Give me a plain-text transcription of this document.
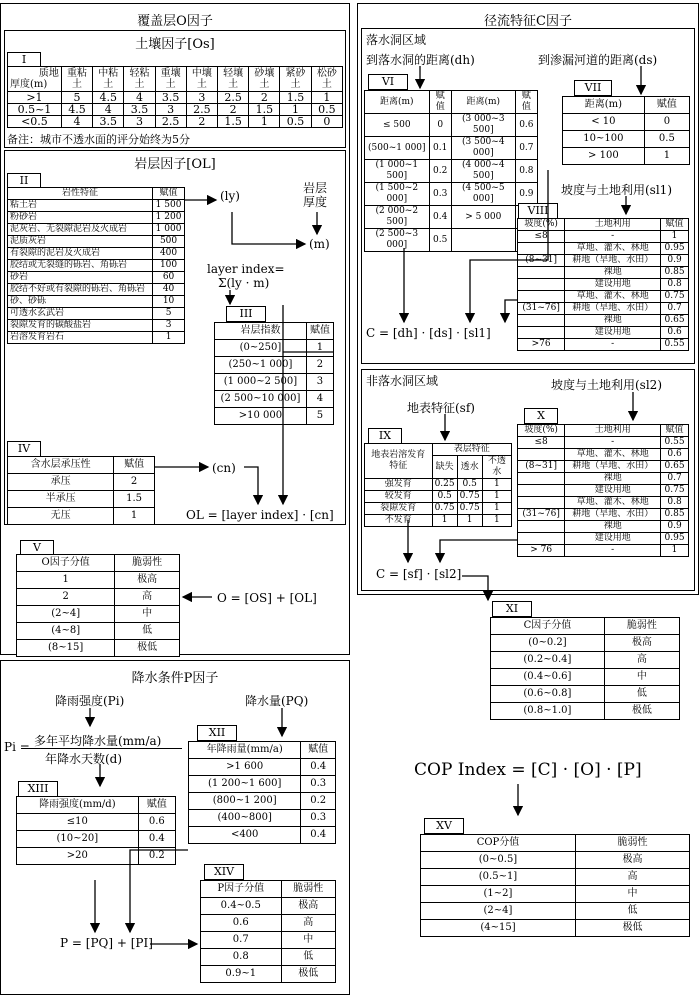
覆盖层O因子
土壤因子[Os]
I
质地
厚度(m)	重粘土	中粘土	轻粘土	重壤土	中壤土	轻壤土	砂壤土	紧砂土	松砂土
>1	5	4.5	4	3.5	3	2.5	2	1.5	1
0.5~1	4.5	4	3.5	3	2.5	2	1.5	1	0.5
<0.5	4	3.5	3	2.5	2	1.5	1	0.5	0
备注：城市不透水面的评分始终为5分
岩层因子[OL]
II
岩性特征	赋值
粘土岩	1 500
粉砂岩	1 200
泥灰岩、无裂隙泥岩及火成岩	1 000
泥质灰岩	500
有裂隙的泥岩及火成岩	400
胶结或无裂缝的砾岩、角砾岩	100
砂岩	60
胶结不好或有裂隙的砾岩、角砾岩	40
砂、砂砾	10
可透水玄武岩	5
裂隙发育的碳酸盐岩	3
岩溶发育岩石	1
(ly)
岩层厚度
(m)
layer index=
Σ(ly · m)
III
岩层指数	赋值
(0~250]	1
(250~1 000]	2
(1 000~2 500]	3
(2 500~10 000]	4
>10 000	5
IV
含水层承压性	赋值
承压	2
半承压	1.5
无压	1
(cn)
OL = [layer index] · [cn]
V
O因子分值	脆弱性
1	极高
2	高
(2~4]	中
(4~8]	低
(8~15]	极低
O = [OS] + [OL]
降水条件P因子
降雨强度(Pi)	降水量(PQ)
Pi = 多年平均降水量(mm/a)
年降水天数(d)
XII
年降雨量(mm/a)	赋值
>1 600	0.4
(1 200~1 600]	0.3
(800~1 200]	0.2
(400~800]	0.3
<400	0.4
XIII
降雨强度(mm/d)	赋值
≤10	0.6
(10~20]	0.4
>20	0.2
XIV
P因子分值	脆弱性
0.4~0.5	极高
0.6	高
0.7	中
0.8	低
0.9~1	极低
P = [PQ] + [PI]
径流特征C因子
落水洞区域
到落水洞的距离(dh)	到渗漏河道的距离(ds)
VI
距离(m)	赋值	距离(m)	赋值
≤ 500	0	(3 000~3 500]	0.6
(500~1 000]	0.1	(3 500~4 000]	0.7
(1 000~1 500]	0.2	(4 000~4 500]	0.8
(1 500~2 000]	0.3	(4 500~5 000]	0.9
(2 000~2 500]	0.4	> 5 000	
(2 500~3 000]	0.5		
VII
距离(m)	赋值
< 10	0
10~100	0.5
> 100	1
坡度与土地利用(sl1)
VIII
坡度(%)	土地利用	赋值
≤8	-	1
	草地、灌木、林地	0.95
(8~31]	耕地（旱地、水田）	0.9
	裸地	0.85
	建设用地	0.8
	草地、灌木、林地	0.75
(31~76]	耕地（旱地、水田）	0.7
	裸地	0.65
	建设用地	0.6
>76	-	0.55
C = [dh] · [ds] · [sl1]
非落水洞区域	坡度与土地利用(sl2)
地表特征(sf)
X
坡度(%)	土地利用	赋值
≤8	-	0.55
	草地、灌木、林地	0.6
(8~31]	耕地（旱地、水田）	0.65
	裸地	0.7
	建设用地	0.75
	草地、灌木、林地	0.8
(31~76]	耕地（旱地、水田）	0.85
	裸地	0.9
	建设用地	0.95
> 76	-	1
IX
地表岩溶发育特征	表层特征		
	缺失	透水	不透水
强发育	0.25	0.5	1
较发育	0.5	0.75	1
裂隙发育	0.75	0.75	1
不发育	1	1	1
C = [sf] · [sl2]
XI
C因子分值	脆弱性
(0~0.2]	极高
(0.2~0.4]	高
(0.4~0.6]	中
(0.6~0.8]	低
(0.8~1.0]	极低
COP Index = [C] · [O] · [P]
XV
COP分值	脆弱性
(0~0.5]	极高
(0.5~1]	高
(1~2]	中
(2~4]	低
(4~15]	极低
